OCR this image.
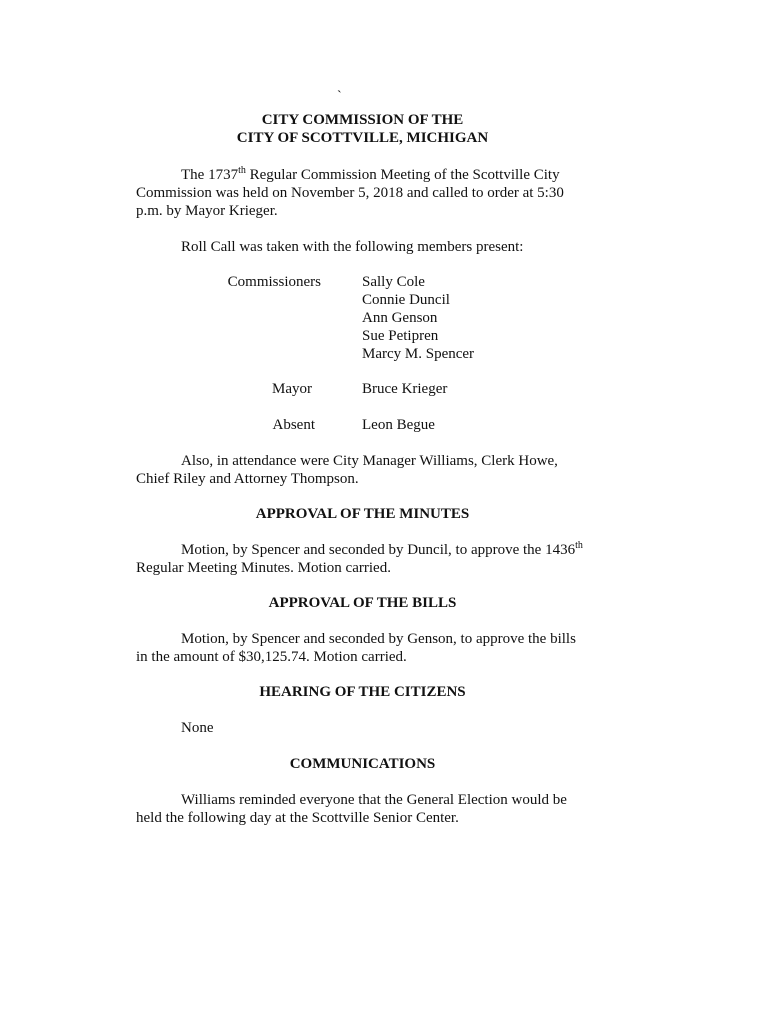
`
CITY COMMISSION OF THE
CITY OF SCOTTVILLE, MICHIGAN
The 1737th Regular Commission Meeting of the Scottville City
Commission was held on November 5, 2018 and called to order at 5:30
p.m. by Mayor Krieger.
Roll Call was taken with the following members present:
Commissioners	Sally Cole
Connie Duncil
Ann Genson
Sue Petipren
Marcy M. Spencer
Mayor	Bruce Krieger
Absent	Leon Begue
Also, in attendance were City Manager Williams, Clerk Howe,
Chief Riley and Attorney Thompson.
APPROVAL OF THE MINUTES
Motion, by Spencer and seconded by Duncil, to approve the 1436th
Regular Meeting Minutes. Motion carried.
APPROVAL OF THE BILLS
Motion, by Spencer and seconded by Genson, to approve the bills
in the amount of $30,125.74. Motion carried.
HEARING OF THE CITIZENS
None
COMMUNICATIONS
Williams reminded everyone that the General Election would be
held the following day at the Scottville Senior Center.
